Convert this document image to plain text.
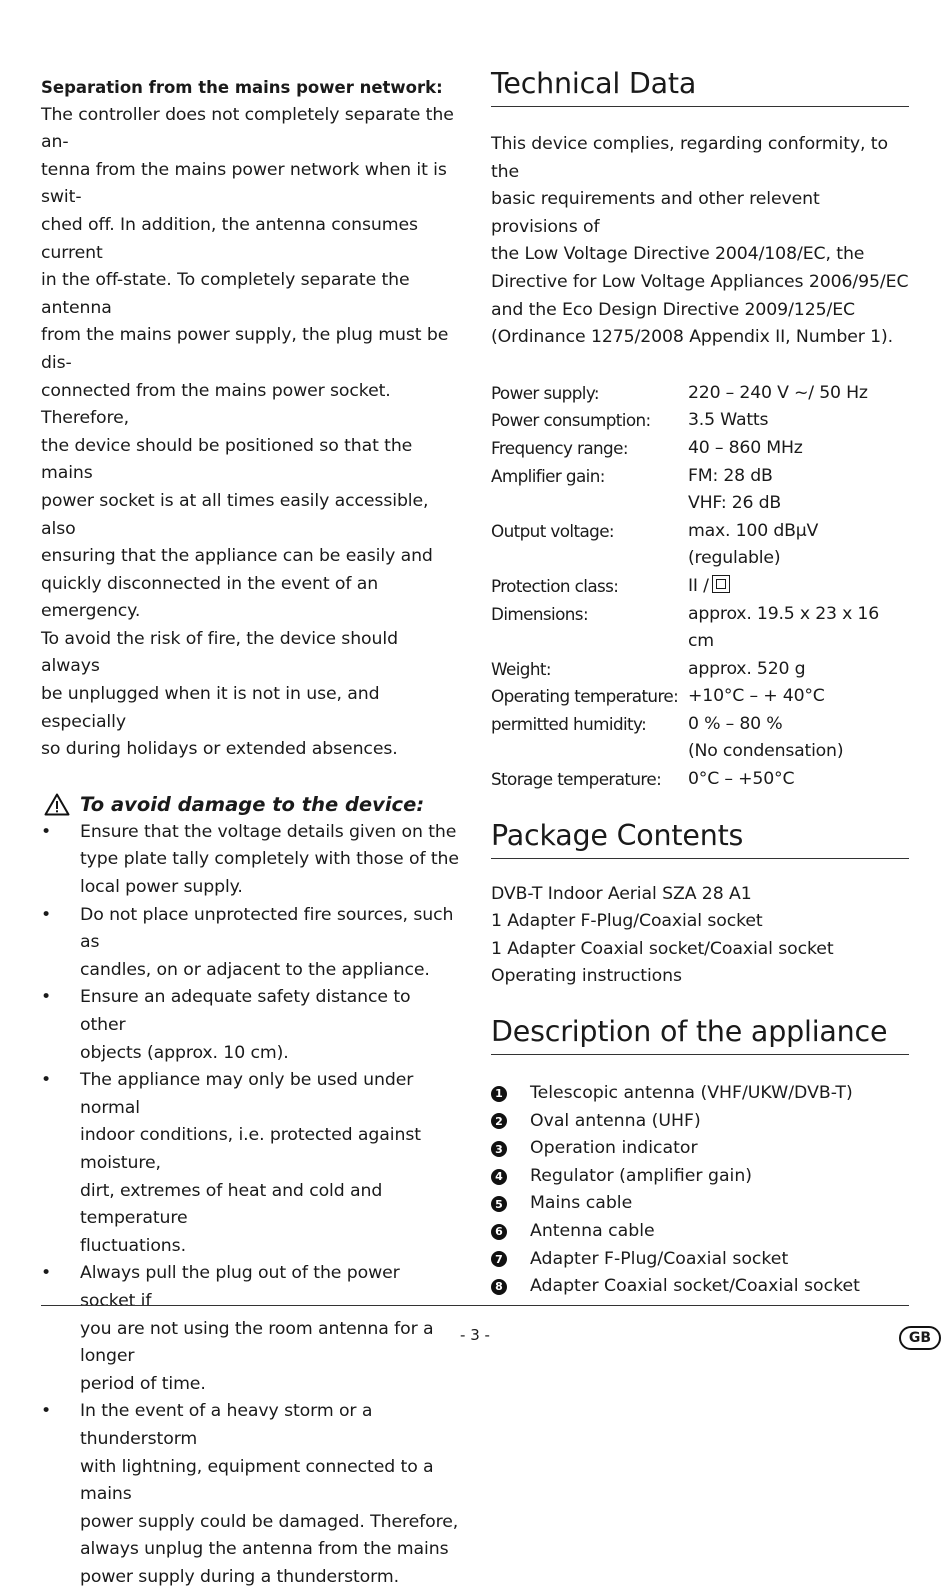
Separation from the mains power network:

The controller does not completely separate the an-

tenna from the mains power network when it is swit-

ched off. In addition, the antenna consumes current

in the off-state. To completely separate the antenna

from the mains power supply, the plug must be dis-

connected from the mains power socket. Therefore,

the device should be positioned so that the mains

power socket is at all times easily accessible, also

ensuring that the appliance can be easily and

quickly disconnected in the event of an emergency.

To avoid the risk of fire, the device should always

be unplugged when it is not in use, and especially

so during holidays or extended absences.

To avoid damage to the device:
• Ensure that the voltage details given on the
type plate tally completely with those of the
local power supply.
• Do not place unprotected fire sources, such as
candles, on or adjacent to the appliance.
• Ensure an adequate safety distance to other
objects (approx. 10 cm).
• The appliance may only be used under normal
indoor conditions, i.e. protected against moisture,
dirt, extremes of heat and cold and temperature
fluctuations.
• Always pull the plug out of the power socket if
you are not using the room antenna for a longer
period of time.
• In the event of a heavy storm or a thunderstorm
with lightning, equipment connected to a mains
power supply could be damaged. Therefore,
always unplug the antenna from the mains
power supply during a thunderstorm.
Technical Data

This device complies, regarding conformity, to the

basic requirements and other relevent provisions of

the Low Voltage Directive 2004/108/EC, the

Directive for Low Voltage Appliances 2006/95/EC

and the Eco Design Directive 2009/125/EC

(Ordinance 1275/2008 Appendix II, Number 1).

Power supply:	220 – 240 V ~/ 50 Hz
Power consumption:	3.5 Watts
Frequency range:	40 – 860 MHz
Amplifier gain:	FM: 28 dB
VHF: 26 dB
Output voltage:	max. 100 dBµV
(regulable)
Protection class:	II /
Dimensions:	approx. 19.5 x 23 x 16 cm
Weight:	approx. 520 g
Operating temperature: +10°C – + 40°C
permitted humidity:	0 % – 80 %
(No condensation)
Storage temperature:	0°C – +50°C
Package Contents

DVB-T Indoor Aerial SZA 28 A1

1 Adapter F-Plug/Coaxial socket

1 Adapter Coaxial socket/Coaxial socket

Operating instructions

Description of the appliance
1 Telescopic antenna (VHF/UKW/DVB-T)
2 Oval antenna (UHF)
3 Operation indicator
4 Regulator (amplifier gain)
5 Mains cable
6 Antenna cable
7 Adapter F-Plug/Coaxial socket
8 Adapter Coaxial socket/Coaxial socket
- 3 -	GB
